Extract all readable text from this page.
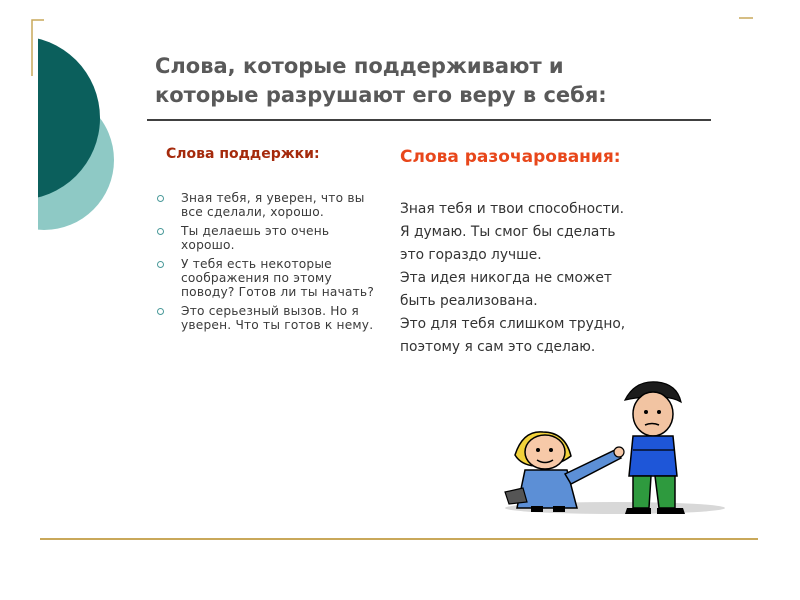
Слова, которые поддерживают и
которые разрушают его веру в себя:
Слова поддержки:
Зная тебя, я уверен, что вы все сделали, хорошо.
Ты делаешь это очень хорошо.
У тебя есть некоторые соображения по этому поводу? Готов ли ты начать?
Это серьезный вызов. Но я уверен. Что ты готов к нему.
Слова разочарования:
Зная тебя и твои способности.
Я думаю. Ты смог бы сделать
это гораздо лучше.
Эта идея никогда не сможет
быть реализована.
Это для тебя слишком трудно,
поэтому я сам это сделаю.
